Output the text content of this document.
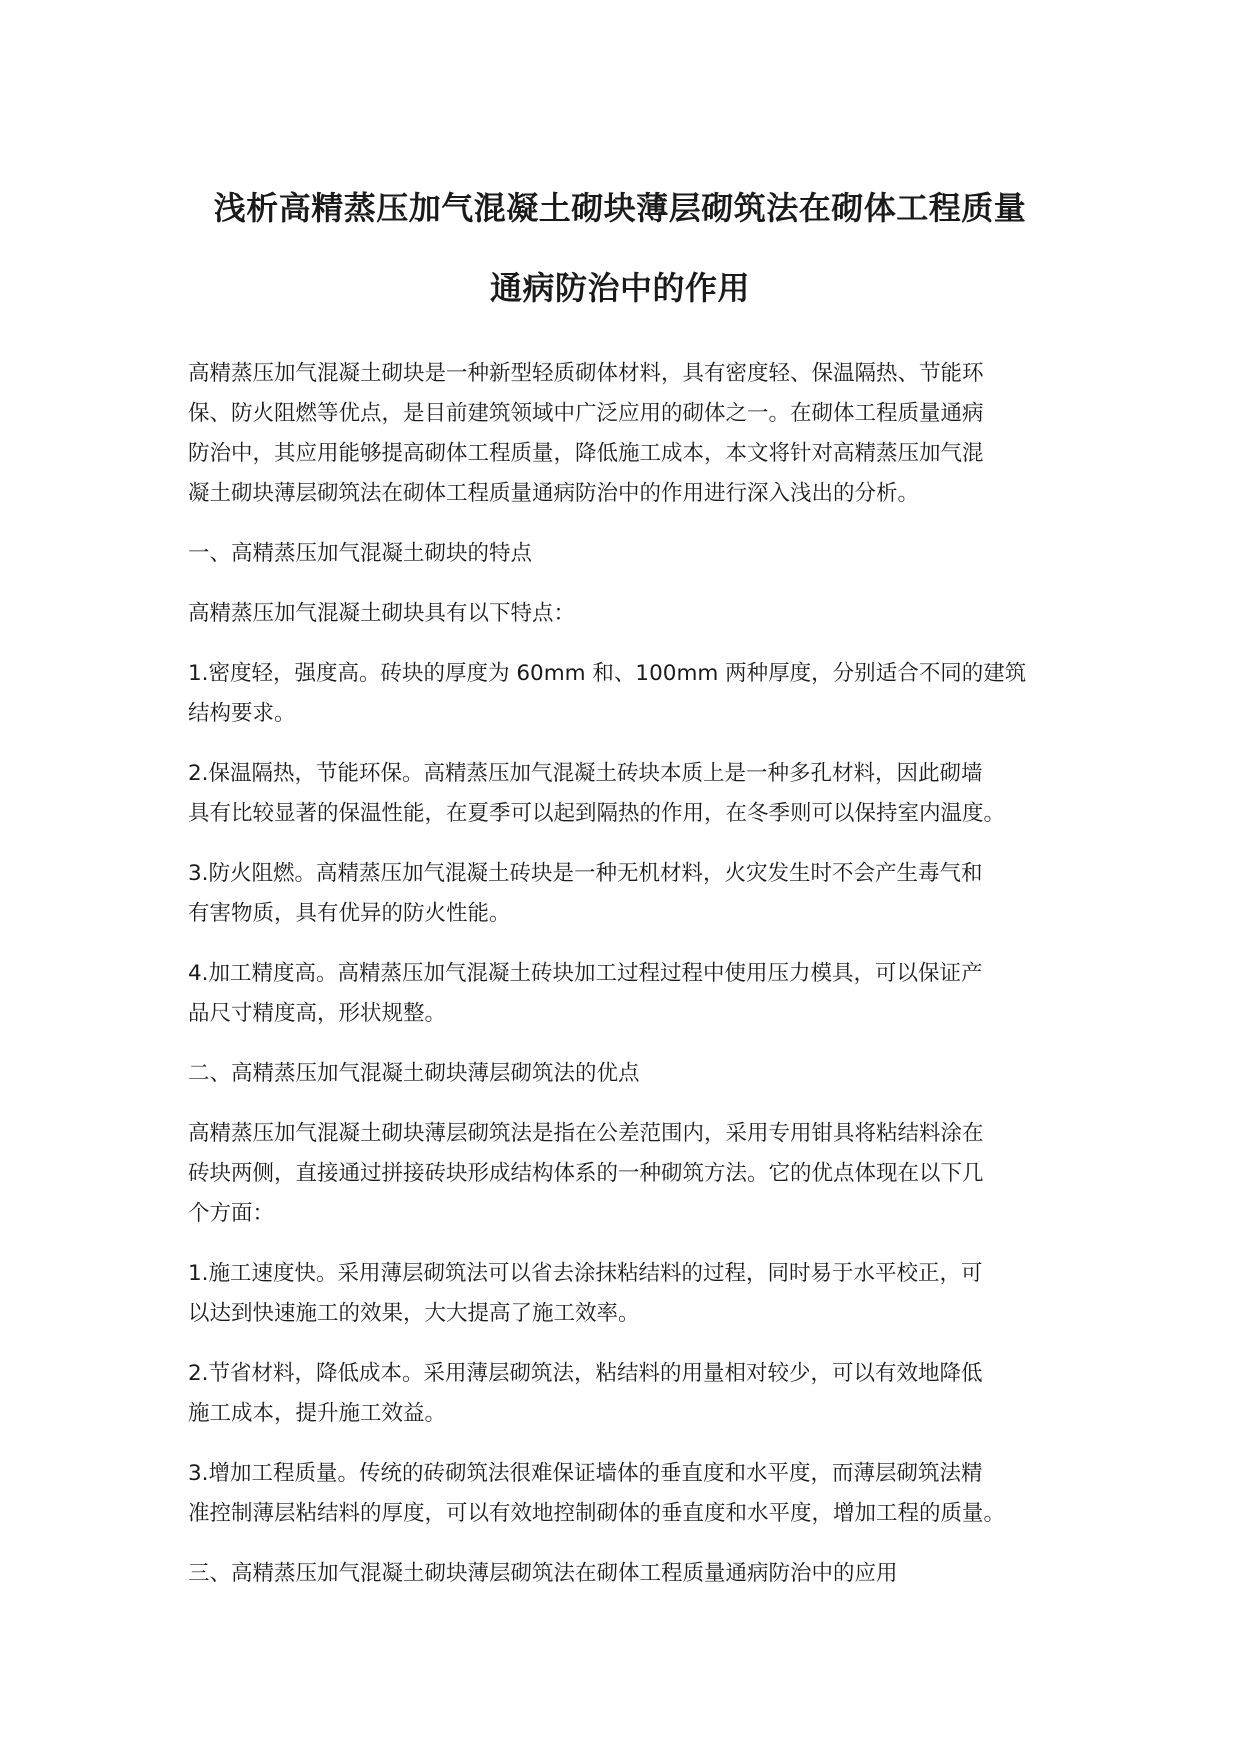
浅析高精蒸压加气混凝土砌块薄层砌筑法在砌体工程质量
通病防治中的作用

高精蒸压加气混凝土砌块是一种新型轻质砌体材料，具有密度轻、保温隔热、节能环
保、防火阻燃等优点，是目前建筑领域中广泛应用的砌体之一。在砌体工程质量通病
防治中，其应用能够提高砌体工程质量，降低施工成本，本文将针对高精蒸压加气混
凝土砌块薄层砌筑法在砌体工程质量通病防治中的作用进行深入浅出的分析。

一、高精蒸压加气混凝土砌块的特点

高精蒸压加气混凝土砌块具有以下特点：

1.密度轻，强度高。砖块的厚度为 60mm 和、100mm 两种厚度，分别适合不同的建筑
结构要求。

2.保温隔热，节能环保。高精蒸压加气混凝土砖块本质上是一种多孔材料，因此砌墙
具有比较显著的保温性能，在夏季可以起到隔热的作用，在冬季则可以保持室内温度。

3.防火阻燃。高精蒸压加气混凝土砖块是一种无机材料，火灾发生时不会产生毒气和
有害物质，具有优异的防火性能。

4.加工精度高。高精蒸压加气混凝土砖块加工过程过程中使用压力模具，可以保证产
品尺寸精度高，形状规整。

二、高精蒸压加气混凝土砌块薄层砌筑法的优点

高精蒸压加气混凝土砌块薄层砌筑法是指在公差范围内，采用专用钳具将粘结料涂在
砖块两侧，直接通过拼接砖块形成结构体系的一种砌筑方法。它的优点体现在以下几
个方面：

1.施工速度快。采用薄层砌筑法可以省去涂抹粘结料的过程，同时易于水平校正，可
以达到快速施工的效果，大大提高了施工效率。

2.节省材料，降低成本。采用薄层砌筑法，粘结料的用量相对较少，可以有效地降低
施工成本，提升施工效益。

3.增加工程质量。传统的砖砌筑法很难保证墙体的垂直度和水平度，而薄层砌筑法精
准控制薄层粘结料的厚度，可以有效地控制砌体的垂直度和水平度，增加工程的质量。

三、高精蒸压加气混凝土砌块薄层砌筑法在砌体工程质量通病防治中的应用
